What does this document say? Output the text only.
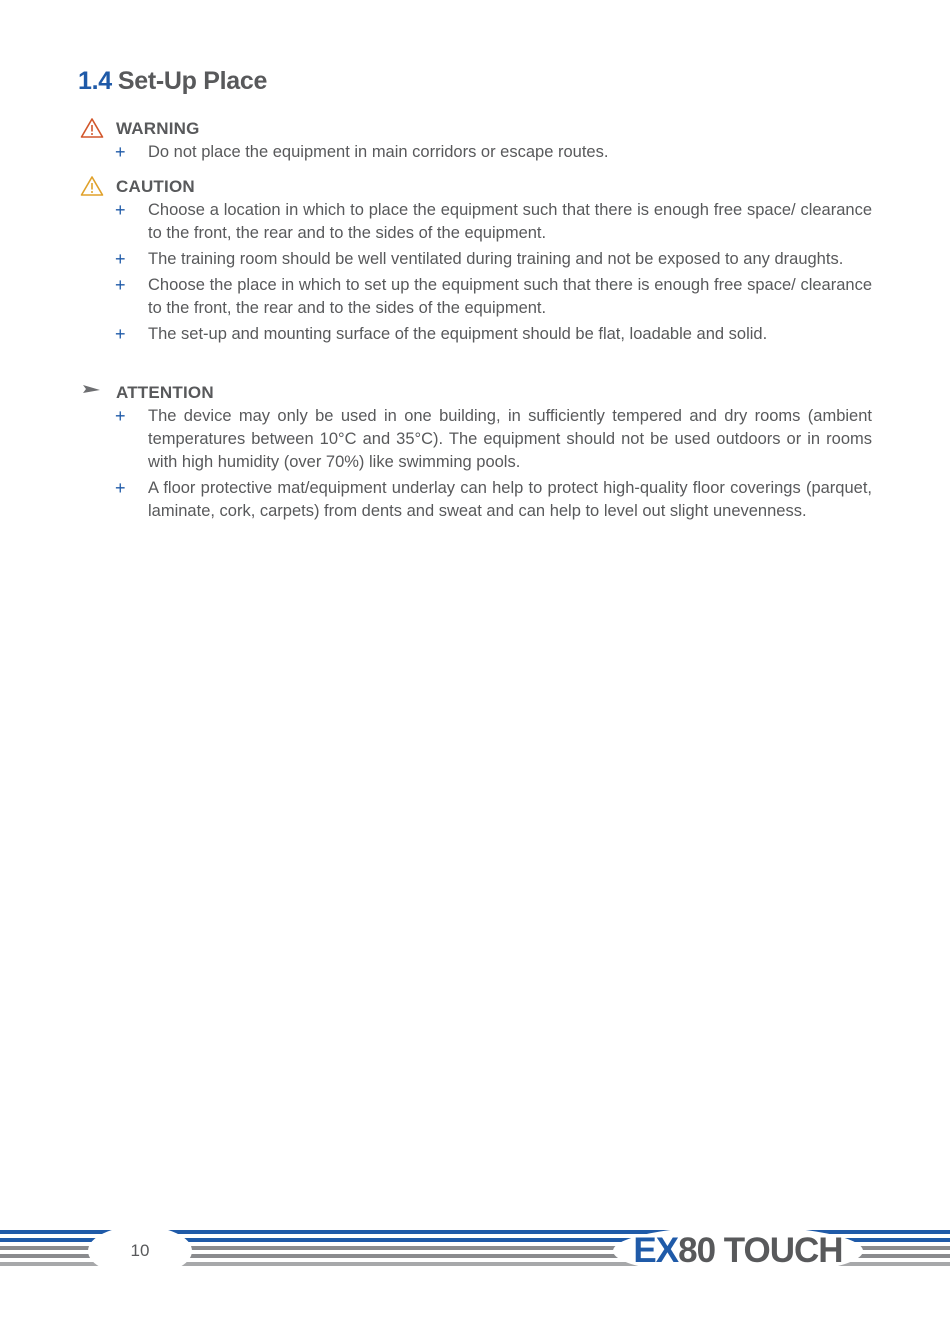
1.4 Set-Up Place
WARNING
+ Do not place the equipment in main corridors or escape routes.
CAUTION
+ Choose a location in which to place the equipment such that there is enough free space/ clearance to the front, the rear and to the sides of the equipment.
+ The training room should be well ventilated during training and not be exposed to any draughts.
+ Choose the place in which to set up the equipment such that there is enough free space/ clearance to the front, the rear and to the sides of the equipment.
+ The set-up and mounting surface of the equipment should be flat, loadable and solid.
ATTENTION
+ The device may only be used in one building, in sufficiently tempered and dry rooms (ambient temperatures between 10°C and 35°C). The equipment should not be used outdoors or in rooms with high humidity (over 70%) like swimming pools.
+ A floor protective mat/equipment underlay can help to protect high-quality floor coverings (parquet, laminate, cork, carpets) from dents and sweat and can help to level out slight unevenness.
10	EX80 TOUCH
